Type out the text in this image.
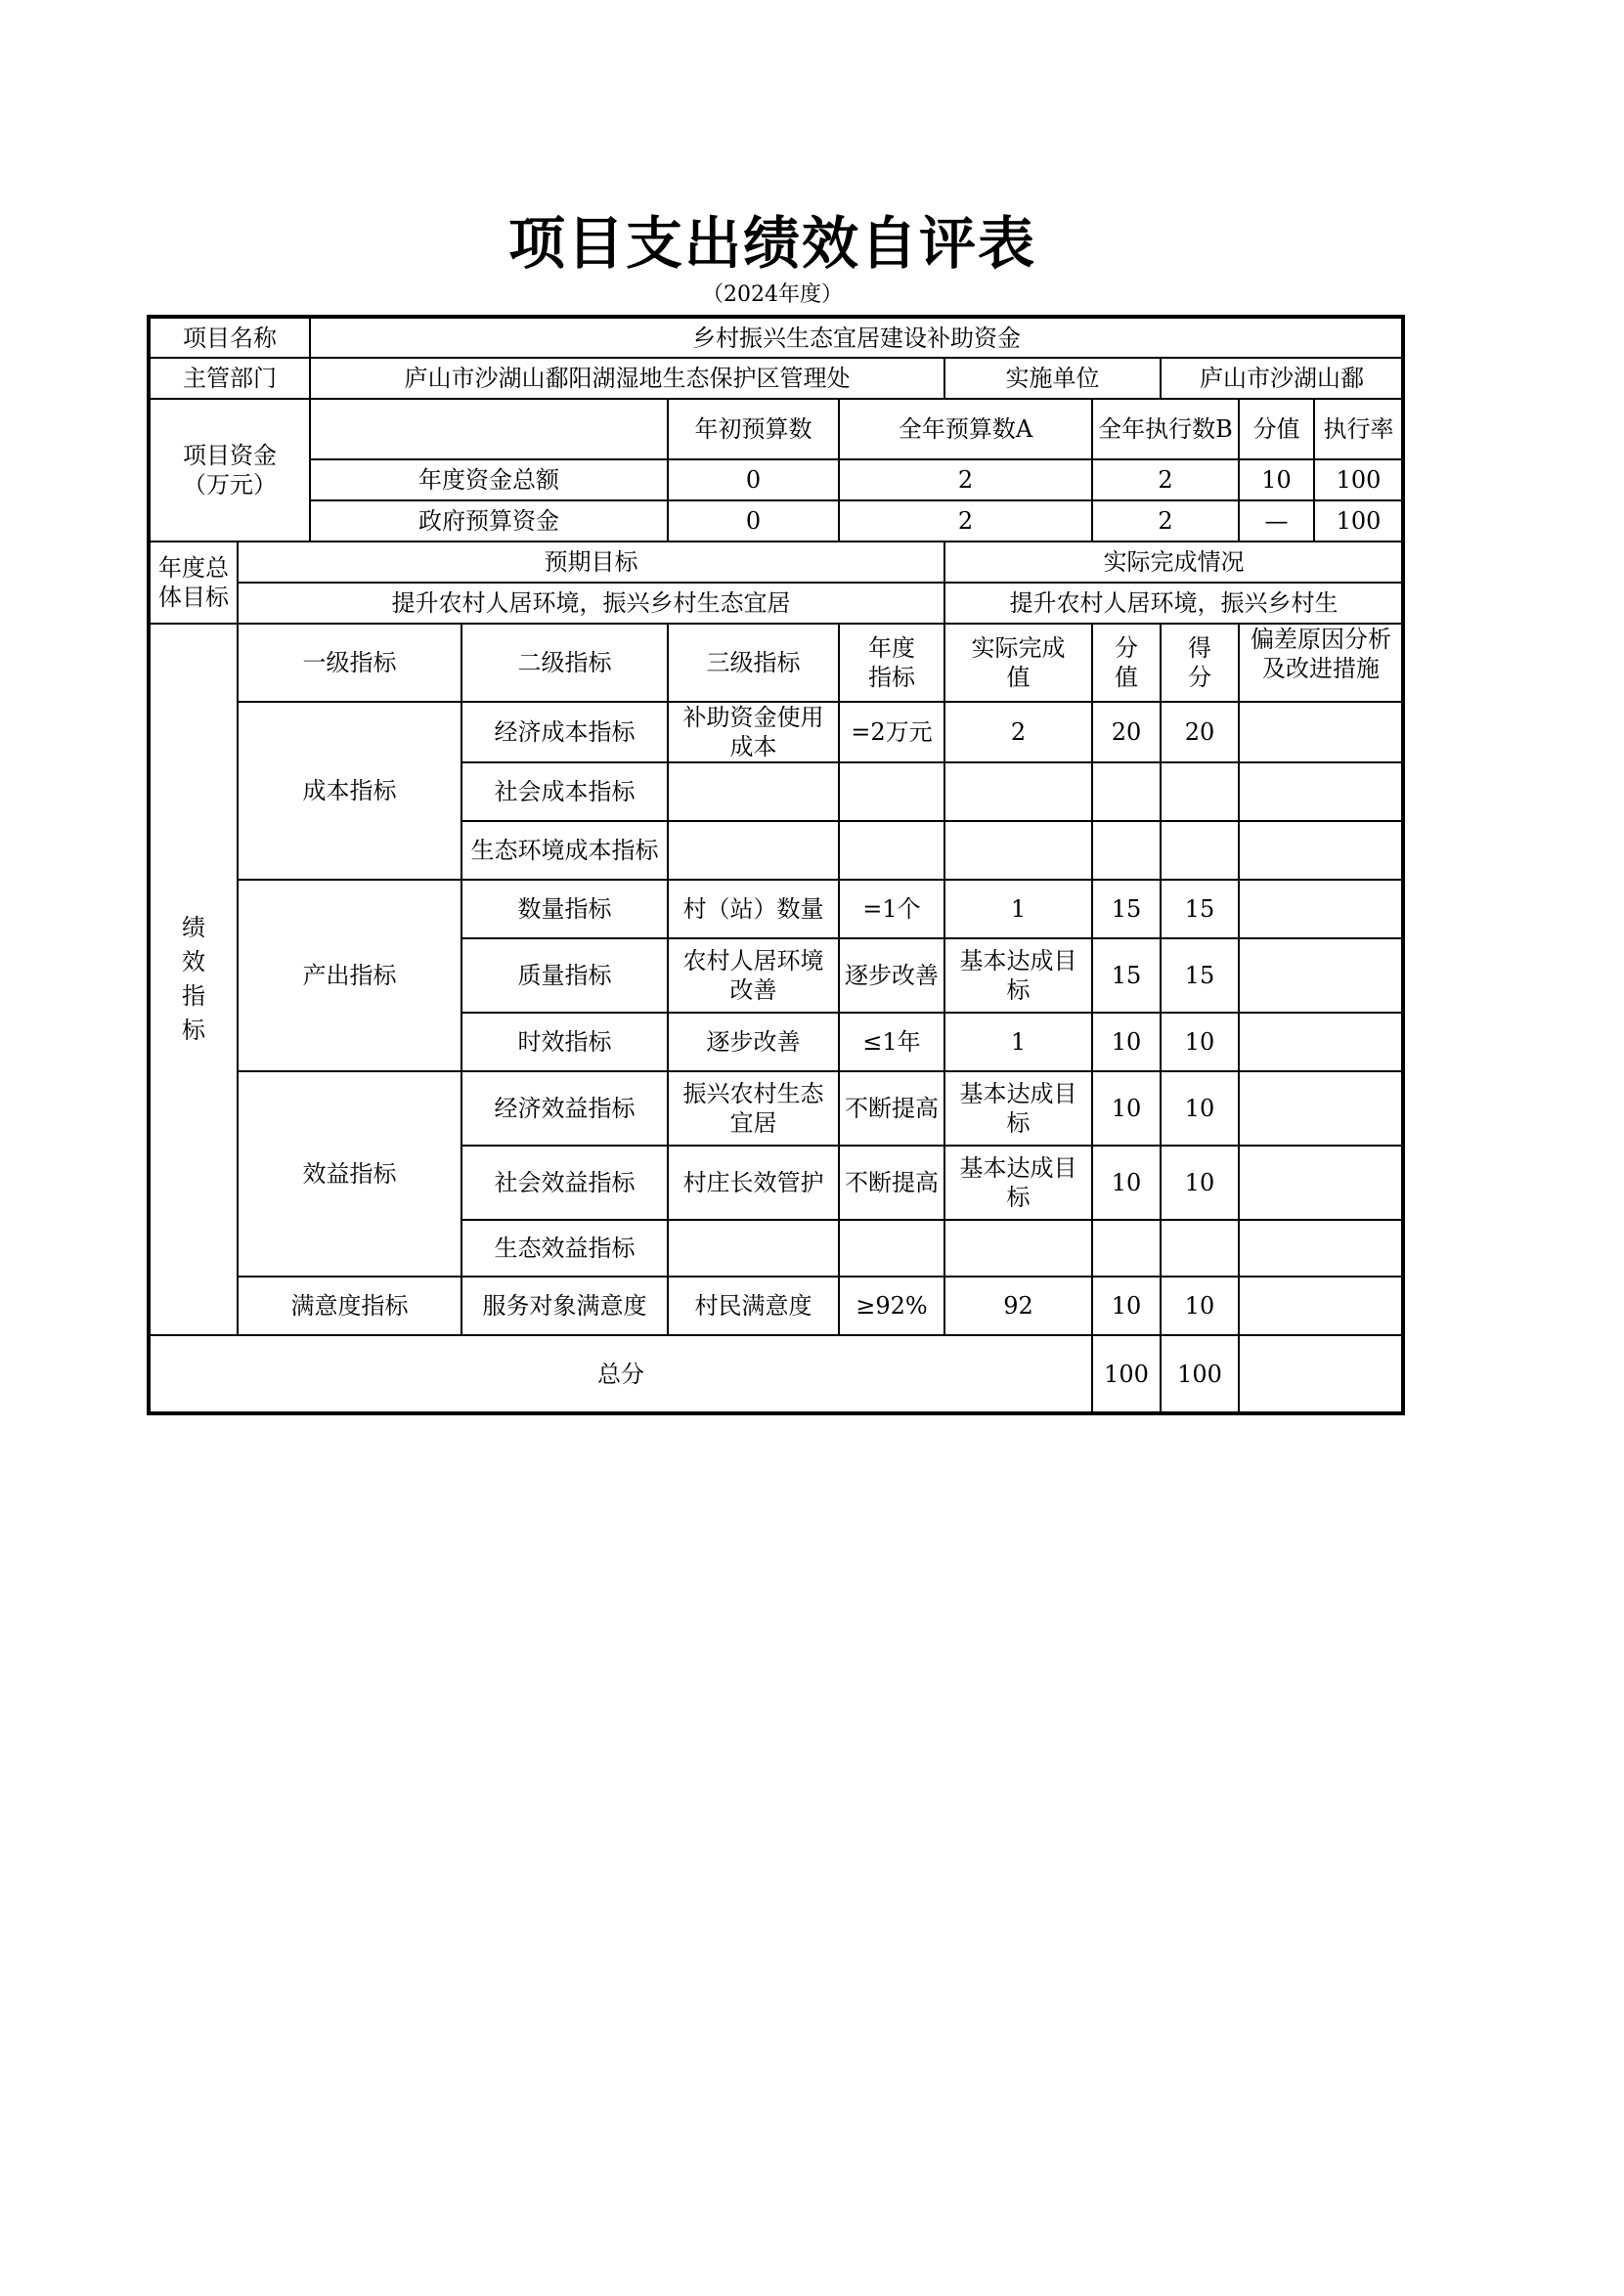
项目支出绩效自评表
（2024年度）
项目名称		乡村振兴生态宜居建设补助资金									
主管部门		庐山市沙湖山鄱阳湖湿地生态保护区管理处				实施单位		庐山市沙湖山鄱			
项目资金
（万元）				年初预算数	全年预算数A		全年执行数B		分值	执行率	
		年度资金总额		0	2		2		10	100	
		政府预算资金		0	2		2		—	100	
年度总体目标	预期目标					实际完成情况					
	提升农村人居环境，振兴乡村生态宜居					提升农村人居环境，振兴乡村生					
绩效指标	一级指标		二级指标	三级指标	年度指标	实际完成值	分值	得分	偏差原因分析及改进措施		
	成本指标		经济成本指标	补助资金使用成本	=2万元	2	20	20			
			社会成本指标								
			生态环境成本指标								
	产出指标		数量指标	村（站）数量	=1个	1	15	15			
			质量指标	农村人居环境改善	逐步改善	基本达成目标	15	15			
			时效指标	逐步改善	≤1年	1	10	10			
	效益指标		经济效益指标	振兴农村生态宜居	不断提高	基本达成目标	10	10			
			社会效益指标	村庄长效管护	不断提高	基本达成目标	10	10			
			生态效益指标								
	满意度指标		服务对象满意度	村民满意度	≥92%	92	10	10			
总分							100	100			
